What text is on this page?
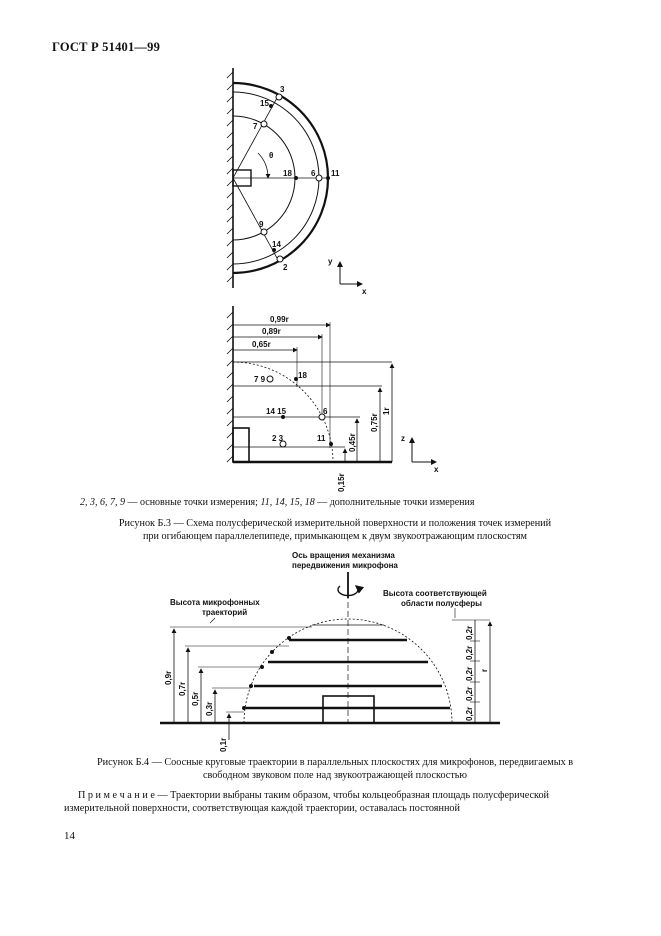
ГОСТ Р 51401—99
3
15
7
θ
18 6 11
9
14
2
y
x
0,99r
0,89r
0,65r
1r
0,75r
0,45r
0,15r
7 9	18
14 15	6
2 3	11	z
x
0,9r
0,7r
0,5r
0,3r
0,1r
0,2r
0,2r
0,2r
0,2r
0,2r
r
Ось вращения механизма
передвижения микрофона
Высота соответствующей
области полусферы
Высота микрофонных
траекторий
2, 3, 6, 7, 9 — основные точки измерения; 11, 14, 15, 18 — дополнительные точки измерения
Рисунок Б.3 — Схема полусферической измерительной поверхности и положения точек измерений
при огибающем параллелепипеде, примыкающем к двум звукоотражающим плоскостям
Рисунок Б.4 — Соосные круговые траектории в параллельных плоскостях для микрофонов, передвигаемых в
свободном звуковом поле над звукоотражающей плоскостью
П р и м е ч а н и е — Траектории выбраны таким образом, чтобы кольцеобразная площадь полусферической
измерительной поверхности, соответствующая каждой траектории, оставалась постоянной
14
